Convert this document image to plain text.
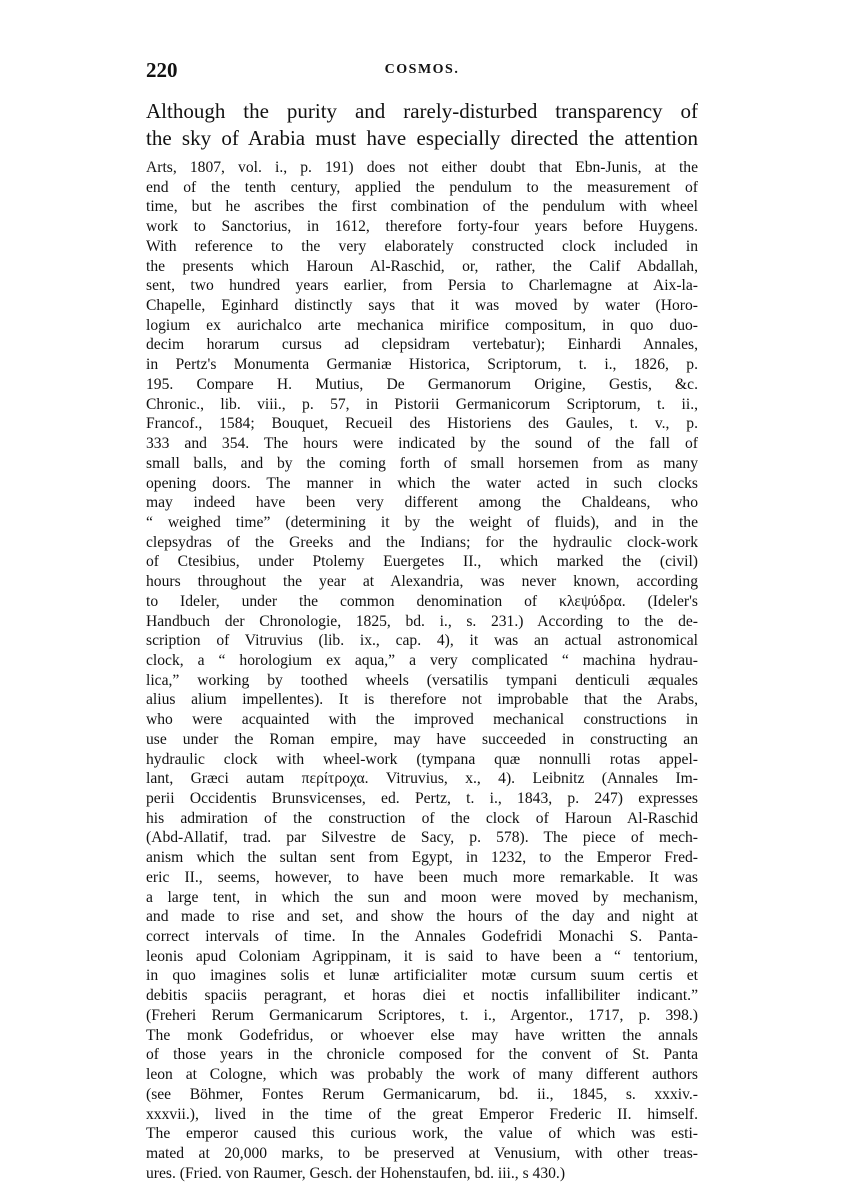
220	COSMOS.
Although the purity and rarely-disturbed transparency of
the sky of Arabia must have especially directed the attention
Arts, 1807, vol. i., p. 191) does not either doubt that Ebn-Junis, at the
end of the tenth century, applied the pendulum to the measurement of
time, but he ascribes the first combination of the pendulum with wheel
work to Sanctorius, in 1612, therefore forty-four years before Huygens.
With reference to the very elaborately constructed clock included in
the presents which Haroun Al-Raschid, or, rather, the Calif Abdallah,
sent, two hundred years earlier, from Persia to Charlemagne at Aix-la-
Chapelle, Eginhard distinctly says that it was moved by water (Horo-
logium ex aurichalco arte mechanica mirifice compositum, in quo duo-
decim horarum cursus ad clepsidram vertebatur); Einhardi Annales,
in Pertz's Monumenta Germaniæ Historica, Scriptorum, t. i., 1826, p.
195. Compare H. Mutius, De Germanorum Origine, Gestis, &c.
Chronic., lib. viii., p. 57, in Pistorii Germanicorum Scriptorum, t. ii.,
Francof., 1584; Bouquet, Recueil des Historiens des Gaules, t. v., p.
333 and 354. The hours were indicated by the sound of the fall of
small balls, and by the coming forth of small horsemen from as many
opening doors. The manner in which the water acted in such clocks
may indeed have been very different among the Chaldeans, who
“ weighed time” (determining it by the weight of fluids), and in the
clepsydras of the Greeks and the Indians; for the hydraulic clock-work
of Ctesibius, under Ptolemy Euergetes II., which marked the (civil)
hours throughout the year at Alexandria, was never known, according
to Ideler, under the common denomination of κλεψύδρα. (Ideler's
Handbuch der Chronologie, 1825, bd. i., s. 231.) According to the de-
scription of Vitruvius (lib. ix., cap. 4), it was an actual astronomical
clock, a “ horologium ex aqua,” a very complicated “ machina hydrau-
lica,” working by toothed wheels (versatilis tympani denticuli æquales
alius alium impellentes). It is therefore not improbable that the Arabs,
who were acquainted with the improved mechanical constructions in
use under the Roman empire, may have succeeded in constructing an
hydraulic clock with wheel-work (tympana quæ nonnulli rotas appel-
lant, Græci autam περίτροχα. Vitruvius, x., 4). Leibnitz (Annales Im-
perii Occidentis Brunsvicenses, ed. Pertz, t. i., 1843, p. 247) expresses
his admiration of the construction of the clock of Haroun Al-Raschid
(Abd-Allatif, trad. par Silvestre de Sacy, p. 578). The piece of mech-
anism which the sultan sent from Egypt, in 1232, to the Emperor Fred-
eric II., seems, however, to have been much more remarkable. It was
a large tent, in which the sun and moon were moved by mechanism,
and made to rise and set, and show the hours of the day and night at
correct intervals of time. In the Annales Godefridi Monachi S. Panta-
leonis apud Coloniam Agrippinam, it is said to have been a “ tentorium,
in quo imagines solis et lunæ artificialiter motæ cursum suum certis et
debitis spaciis peragrant, et horas diei et noctis infallibiliter indicant.”
(Freheri Rerum Germanicarum Scriptores, t. i., Argentor., 1717, p. 398.)
The monk Godefridus, or whoever else may have written the annals
of those years in the chronicle composed for the convent of St. Panta
leon at Cologne, which was probably the work of many different authors
(see Böhmer, Fontes Rerum Germanicarum, bd. ii., 1845, s. xxxiv.-
xxxvii.), lived in the time of the great Emperor Frederic II. himself.
The emperor caused this curious work, the value of which was esti-
mated at 20,000 marks, to be preserved at Venusium, with other treas-
ures. (Fried. von Raumer, Gesch. der Hohenstaufen, bd. iii., s 430.)
